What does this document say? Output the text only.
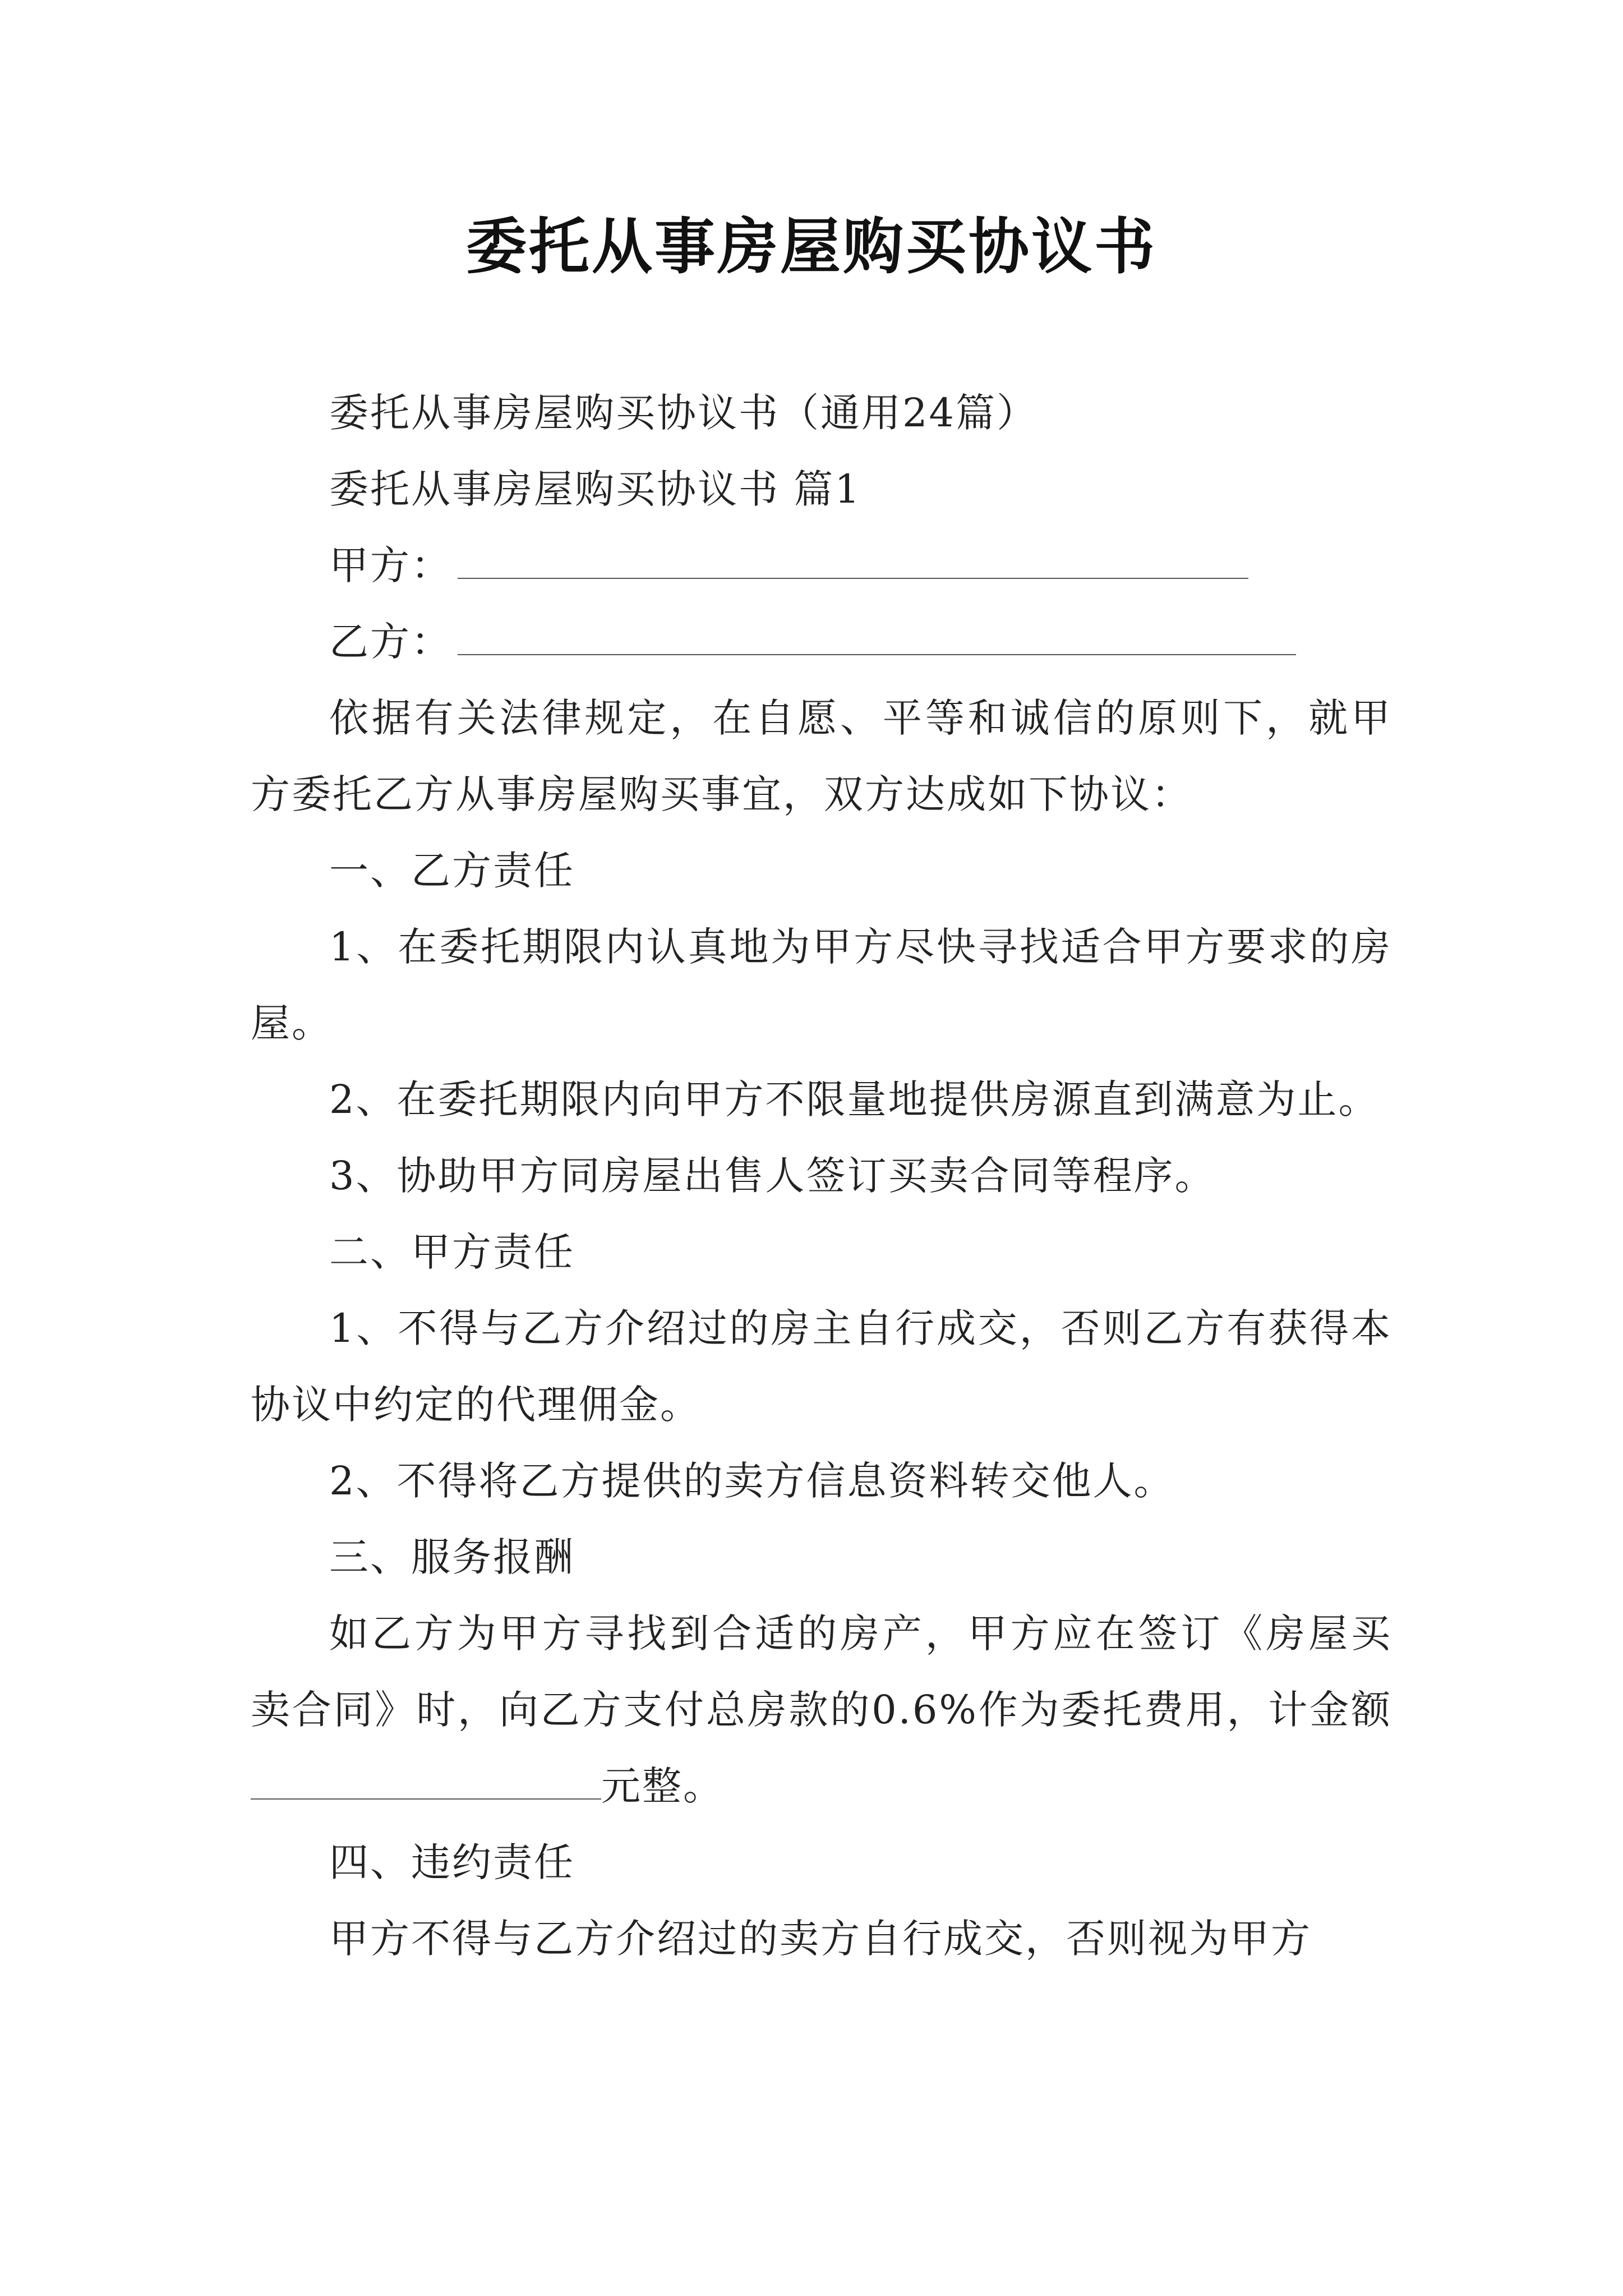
委托从事房屋购买协议书

委托从事房屋购买协议书（通用24篇）

委托从事房屋购买协议书 篇1

甲方：

乙方：

依据有关法律规定，在自愿、平等和诚信的原则下，就甲方委托乙方从事房屋购买事宜，双方达成如下协议：

一、乙方责任

1、在委托期限内认真地为甲方尽快寻找适合甲方要求的房屋。

2、在委托期限内向甲方不限量地提供房源直到满意为止。

3、协助甲方同房屋出售人签订买卖合同等程序。

二、甲方责任

1、不得与乙方介绍过的房主自行成交，否则乙方有获得本协议中约定的代理佣金。

2、不得将乙方提供的卖方信息资料转交他人。

三、服务报酬

如乙方为甲方寻找到合适的房产，甲方应在签订《房屋买卖合同》时，向乙方支付总房款的0.6%作为委托费用，计金额元整。

四、违约责任

甲方不得与乙方介绍过的卖方自行成交，否则视为甲方
